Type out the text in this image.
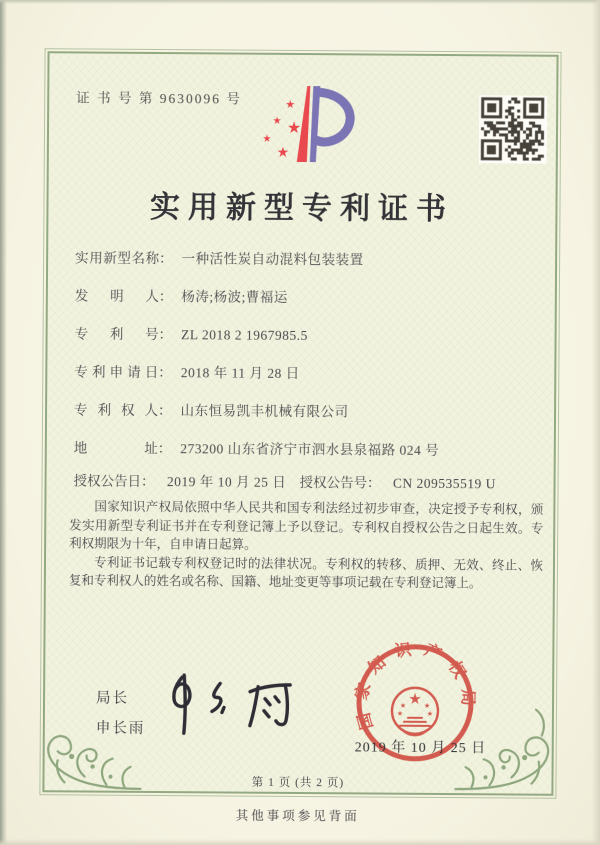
证 书 号 第 9630096 号	★
★ ★
★
★
实用新型专利证书
实用新型名称： 一种活性炭自动混料包装装置
发明人： 杨涛;杨波;曹福运
专利号： ZL 2018 2 1967985.5
专利申请日： 2018 年 11 月 28 日
专利权人： 山东恒易凯丰机械有限公司
地址： 273200 山东省济宁市泗水县泉福路 024 号
授权公告日： 2019 年 10 月 25 日 授权公告号： CN 209535519 U

国家知识产权局依照中华人民共和国专利法经过初步审查，决定授予专利权，颁发实用新型专利证书并在专利登记簿上予以登记。专利权自授权公告之日起生效。专利权期限为十年，自申请日起算。

专利证书记载专利权登记时的法律状况。专利权的转移、质押、无效、终止、恢复和专利权人的姓名或名称、国籍、地址变更等事项记载在专利登记簿上。

局长
申长雨	国家知识产权局
★
★	★
★	★
2019 年 10 月 25 日
第 1 页 (共 2 页)
其他事项参见背面
